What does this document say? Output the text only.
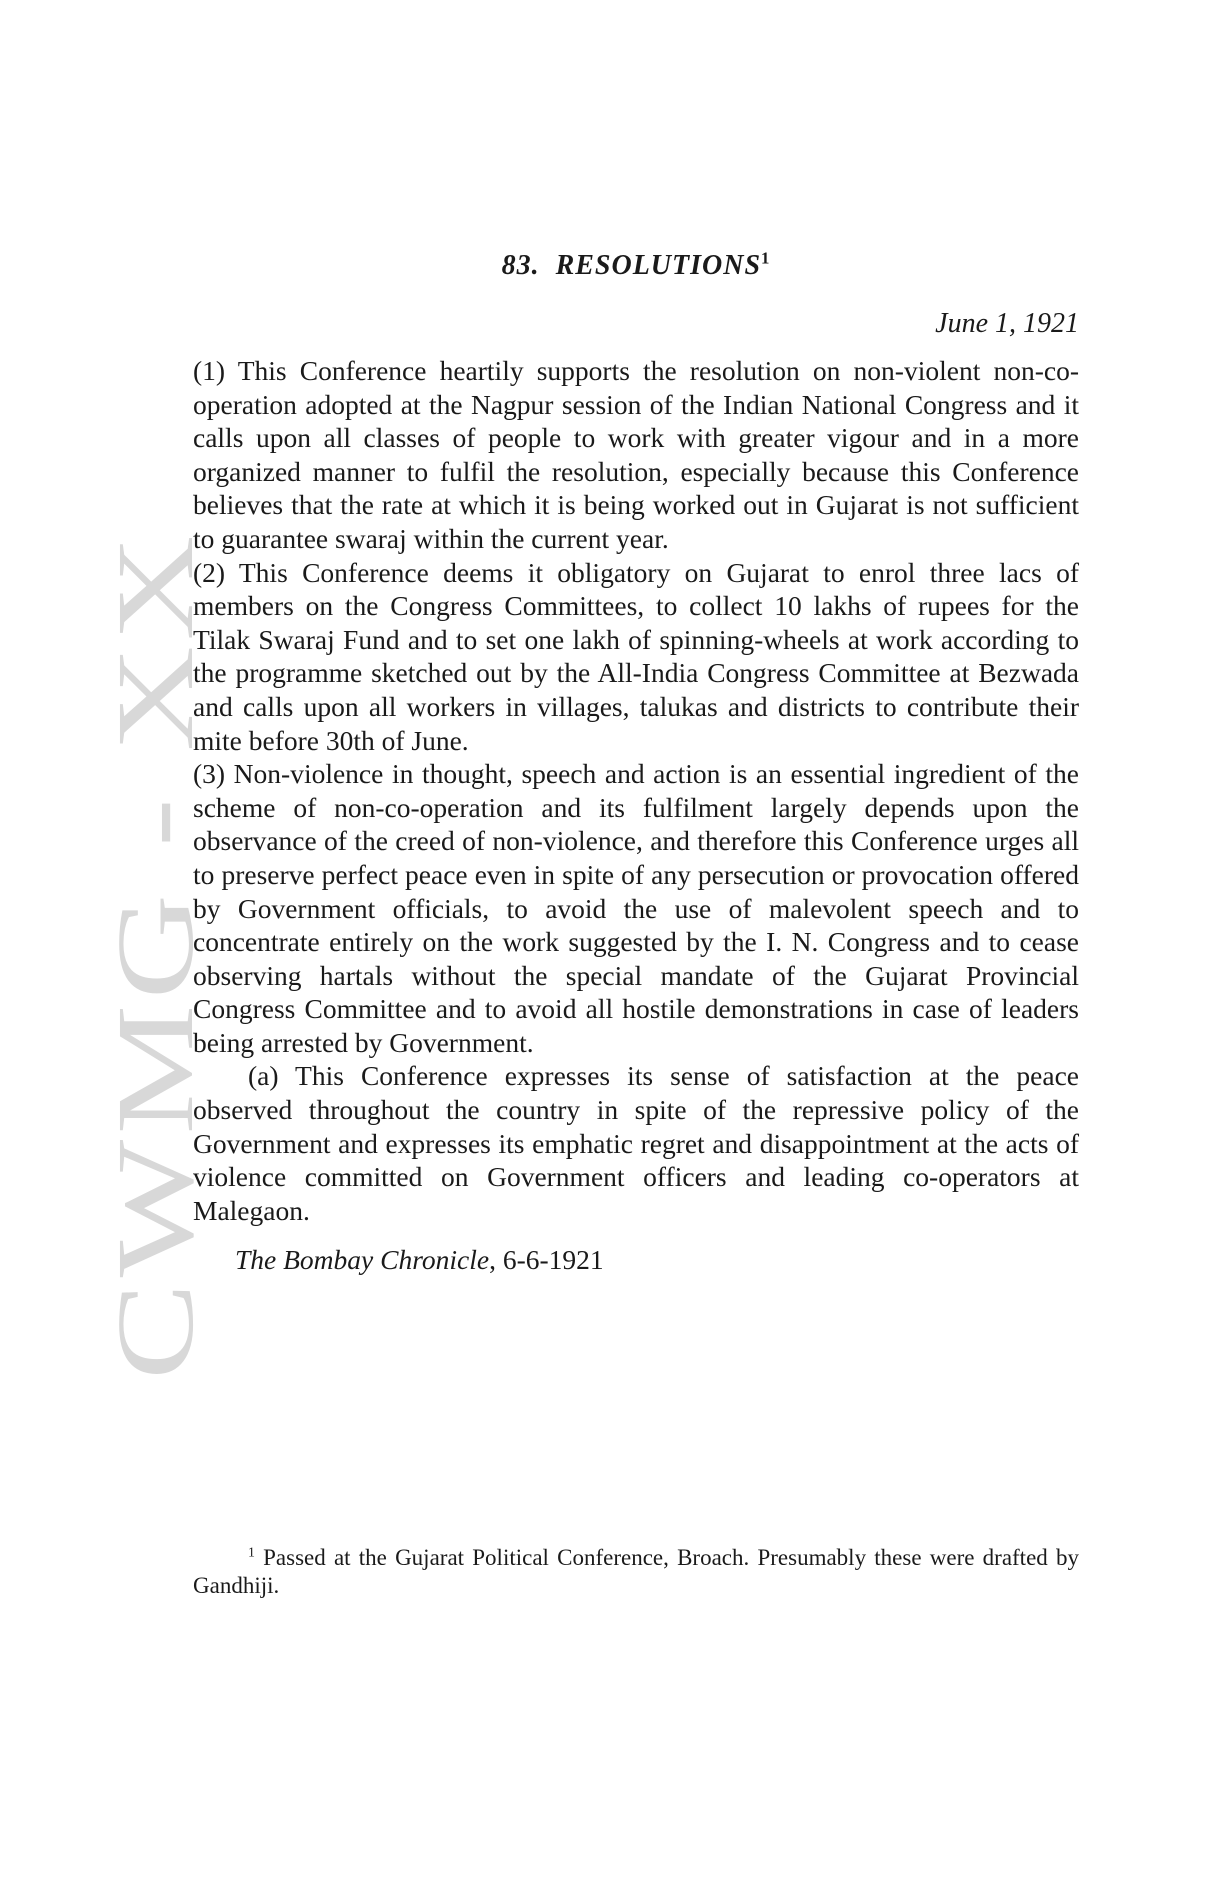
CWMG - XX
83. RESOLUTIONS$^1$
June 1, 1921

(1) This Conference heartily supports the resolution on non-violent non-co-operation adopted at the Nagpur session of the Indian National Congress and it calls upon all classes of people to work with greater vigour and in a more organized manner to fulfil the resolution, especially because this Conference believes that the rate at which it is being worked out in Gujarat is not sufficient to guarantee swaraj within the current year.

(2) This Conference deems it obligatory on Gujarat to enrol three lacs of members on the Congress Committees, to collect 10 lakhs of rupees for the Tilak Swaraj Fund and to set one lakh of spinning-wheels at work according to the programme sketched out by the All-India Congress Committee at Bezwada and calls upon all workers in villages, talukas and districts to contribute their mite before 30th of June.

(3) Non-violence in thought, speech and action is an essential ingredient of the scheme of non-co-operation and its fulfilment largely depends upon the observance of the creed of non-violence, and therefore this Conference urges all to preserve perfect peace even in spite of any persecution or provocation offered by Government officials, to avoid the use of malevolent speech and to concentrate entirely on the work suggested by the I. N. Congress and to cease observing hartals without the special mandate of the Gujarat Provincial Congress Committee and to avoid all hostile demonstrations in case of leaders being arrested by Government.

(a) This Conference expresses its sense of satisfaction at the peace observed throughout the country in spite of the repressive policy of the Government and expresses its emphatic regret and disappointment at the acts of violence committed on Government officers and leading co-operators at Malegaon.

The Bombay Chronicle, 6-6-1921

$^1$ Passed at the Gujarat Political Conference, Broach. Presumably these were drafted by Gandhiji.
